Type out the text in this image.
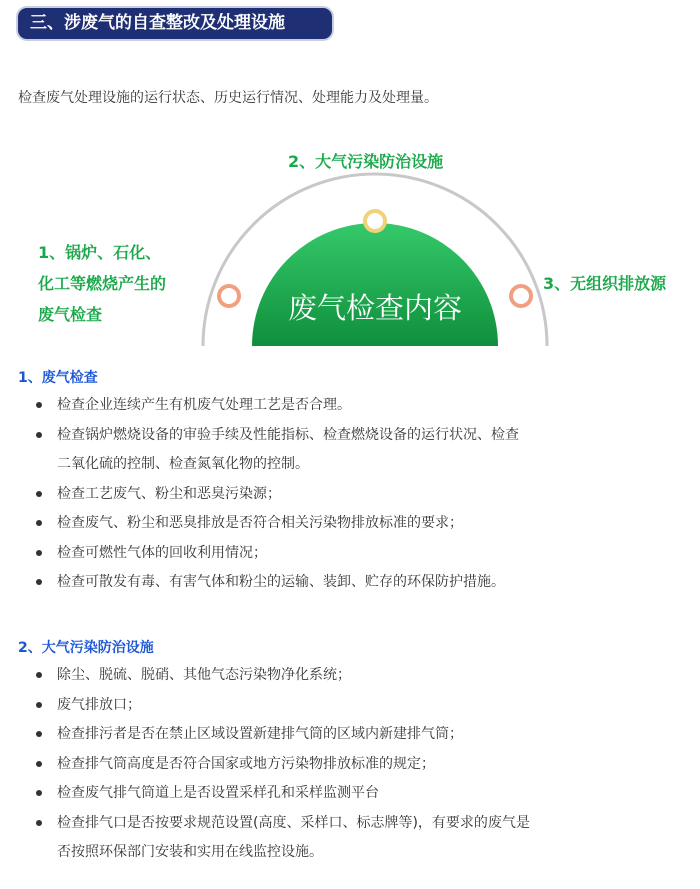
三、涉废气的自查整改及处理设施
检查废气处理设施的运行状态、历史运行情况、处理能力及处理量。
废气检查内容
2、大气污染防治设施
1、锅炉、石化、
化工等燃烧产生的
废气检查
3、无组织排放源
1、废气检查
检查企业连续产生有机废气处理工艺是否合理。
检查锅炉燃烧设备的审验手续及性能指标、检查燃烧设备的运行状况、检查
二氧化硫的控制、检查氮氧化物的控制。
检查工艺废气、粉尘和恶臭污染源；
检查废气、粉尘和恶臭排放是否符合相关污染物排放标准的要求；
检查可燃性气体的回收利用情况；
检查可散发有毒、有害气体和粉尘的运输、装卸、贮存的环保防护措施。
2、大气污染防治设施
除尘、脱硫、脱硝、其他气态污染物净化系统；
废气排放口；
检查排污者是否在禁止区域设置新建排气筒的区域内新建排气筒；
检查排气筒高度是否符合国家或地方污染物排放标准的规定；
检查废气排气筒道上是否设置采样孔和采样监测平台
检查排气口是否按要求规范设置(高度、采样口、标志牌等)，有要求的废气是
否按照环保部门安装和实用在线监控设施。
